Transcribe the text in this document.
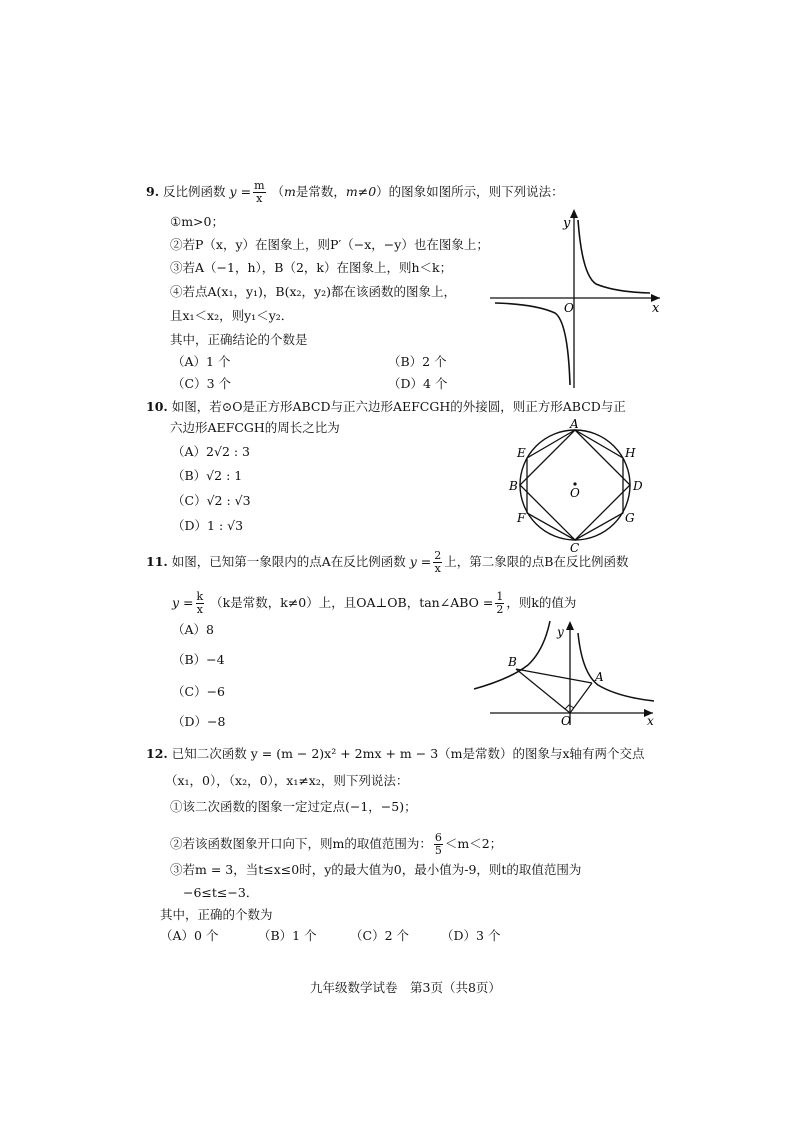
9. 反比例函数 $y = \frac{m}{x} (m$是常数，m≠0）的图象如图所示，则下列说法：
①m>0；
②若P（x，y）在图象上，则P′（−x，−y）也在图象上；
③若A（−1，h），B（2，k）在图象上，则h＜k；
④若点A(x₁，y₁)，B(x₂，y₂)都在该函数的图象上，
且x₁＜x₂，则y₁＜y₂．
其中，正确结论的个数是
（A）1 个	（B）2 个
（C）3 个	（D）4 个
y
x
O
10. 如图，若⊙O是正方形ABCD与正六边形AEFCGH的外接圆，则正方形ABCD与正
六边形AEFCGH的周长之比为
（A）2√2 : 3
（B）√2 : 1
（C）√2 : √3
（D）1 : √3
A
B
C
D
E
F	G
H
O
11. 如图，已知第一象限内的点A在反比例函数 $y = \frac{2}{x}$ 上，第二象限的点B在反比例函数
$y = \frac{k}{x} (k$是常数，k≠0）上，且OA⊥OB，tan∠ABO = $\frac{1}{2}$ ，则k的值为
（A）8
（B）−4
（C）−6
（D）−8
B
A
O
y
x
12. 已知二次函数 y = (m − 2)x² + 2mx + m − 3（m是常数）的图象与x轴有两个交点
（x₁，0），（x₂，0），x₁≠x₂，则下列说法：
①该二次函数的图象一定过定点(−1，−5)；
②若该函数图象开口向下，则m的取值范围为： $\frac{6}{5} <m<2$；
③若m = 3，当t≤x≤0时，y的最大值为0，最小值为-9，则t的取值范围为
−6≤t≤−3．
其中，正确的个数为
（A）0 个	（B）1 个	（C）2 个	（D）3 个
九年级数学试卷　第3页（共8页）
